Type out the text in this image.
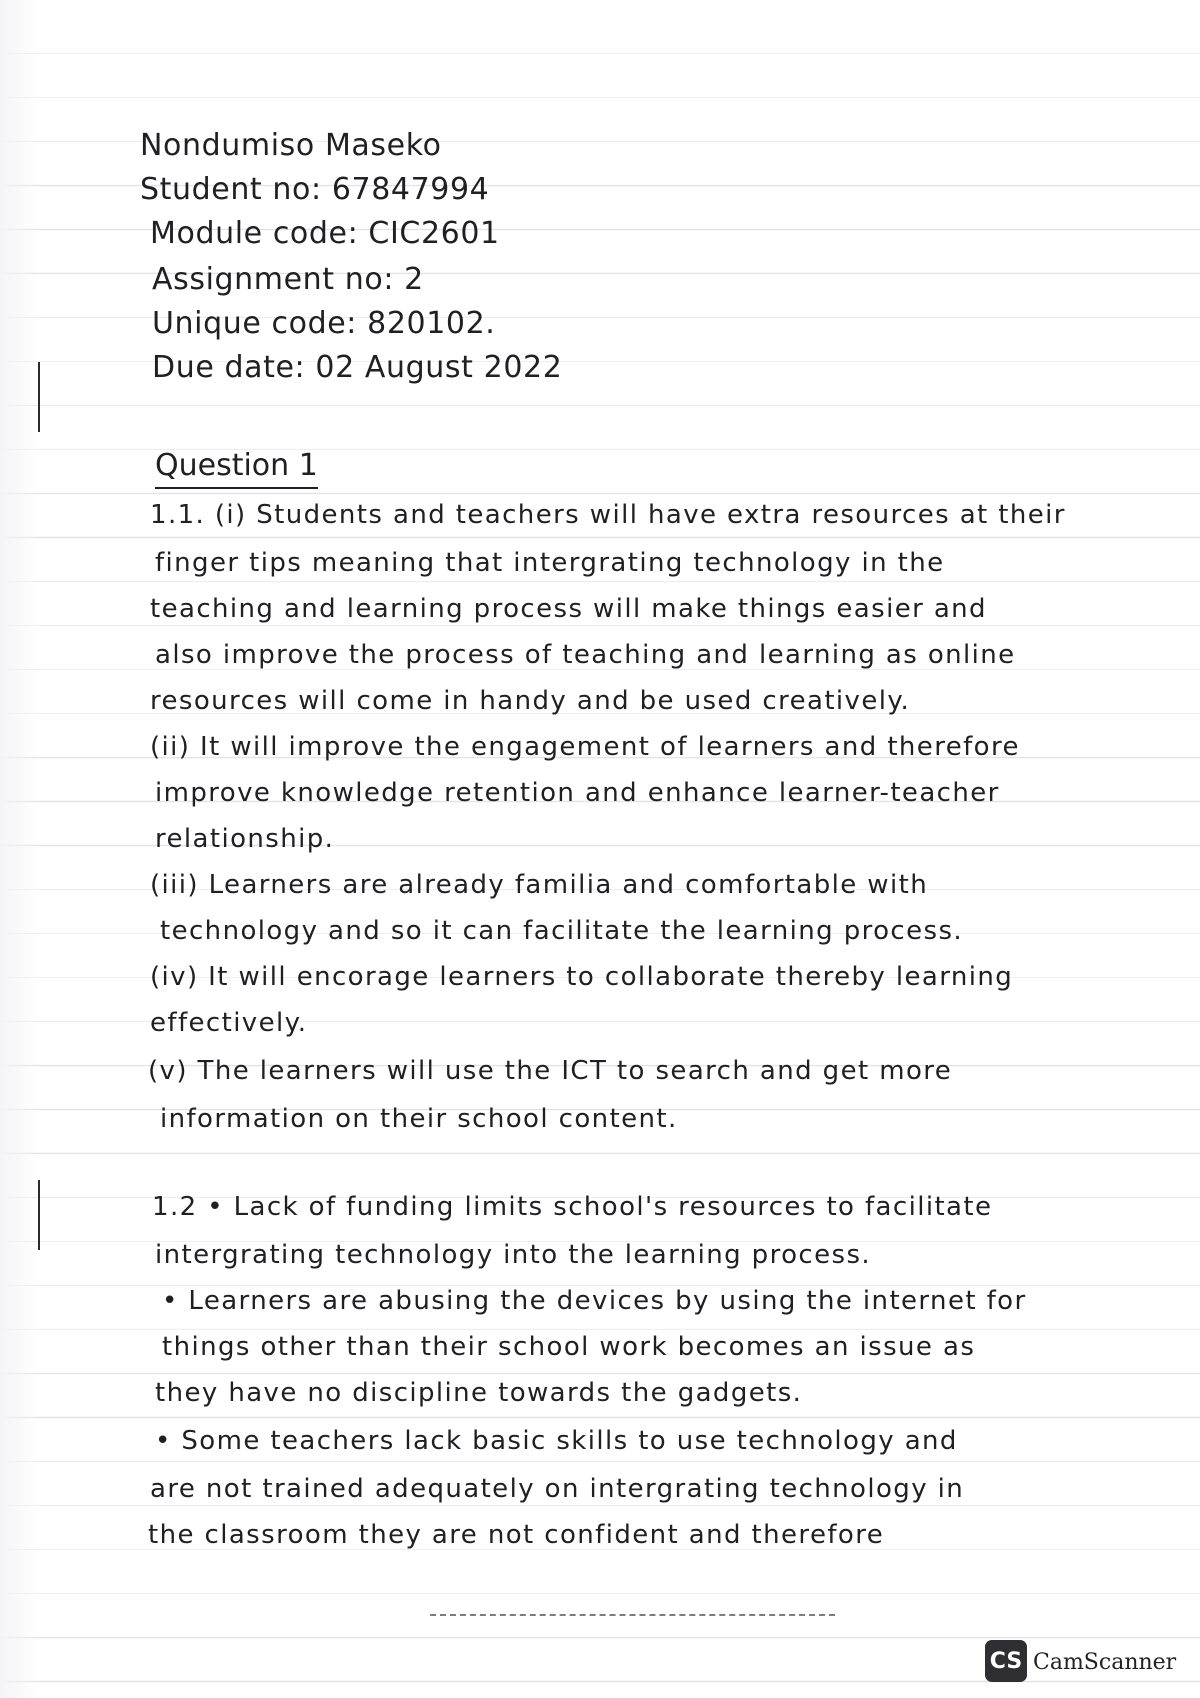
Nondumiso Maseko
Student no: 67847994
Module code: CIC2601
Assignment no: 2
Unique code: 820102.
Due date: 02 August 2022
Question 1
1.1. (i) Students and teachers will have extra resources at their
finger tips meaning that intergrating technology in the
teaching and learning process will make things easier and
also improve the process of teaching and learning as online
resources will come in handy and be used creatively.
(ii) It will improve the engagement of learners and therefore
improve knowledge retention and enhance learner-teacher
relationship.
(iii) Learners are already familia and comfortable with
technology and so it can facilitate the learning process.
(iv) It will encorage learners to collaborate thereby learning
effectively.
(v) The learners will use the ICT to search and get more
information on their school content.
1.2 • Lack of funding limits school's resources to facilitate
intergrating technology into the learning process.
• Learners are abusing the devices by using the internet for
things other than their school work becomes an issue as
they have no discipline towards the gadgets.
• Some teachers lack basic skills to use technology and
are not trained adequately on intergrating technology in
the classroom they are not confident and therefore
CS CamScanner
